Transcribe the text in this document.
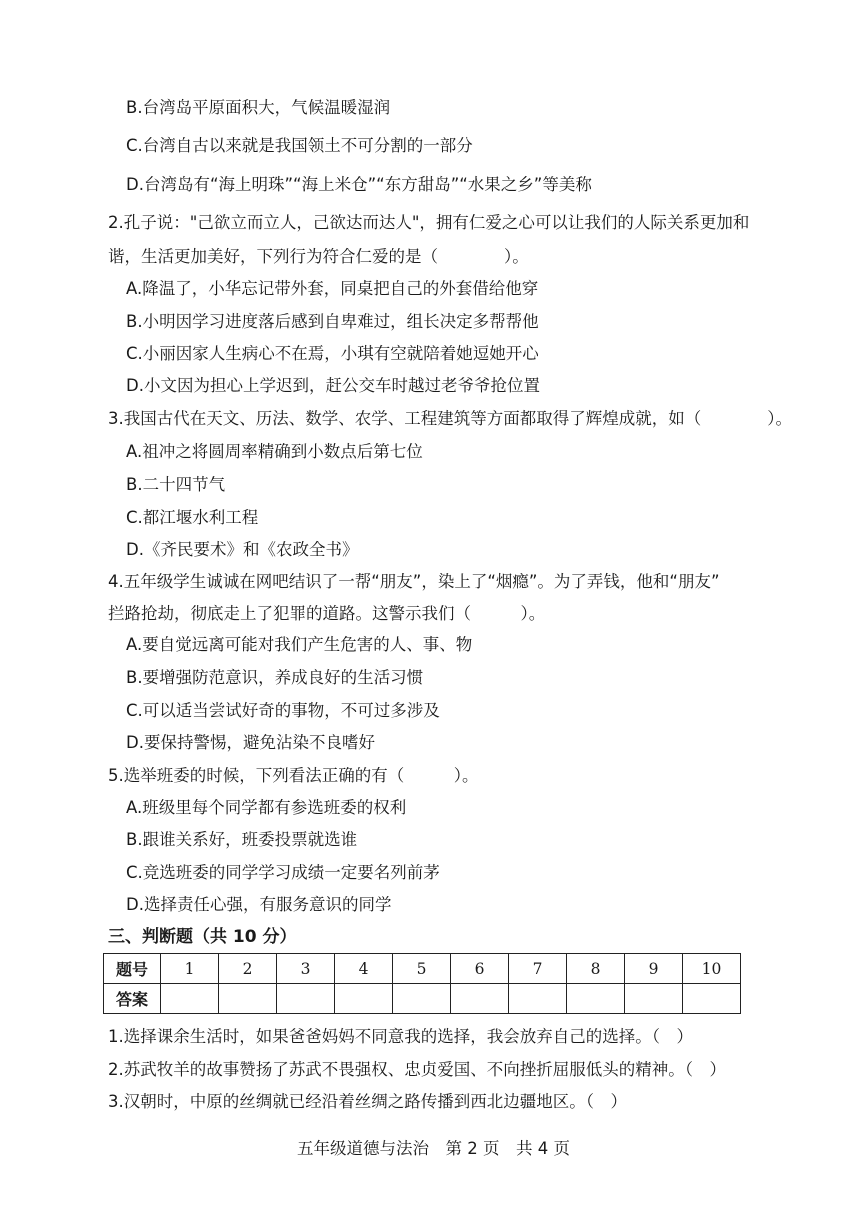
B.台湾岛平原面积大，气候温暖湿润
C.台湾自古以来就是我国领土不可分割的一部分
D.台湾岛有“海上明珠”“海上米仓”“东方甜岛”“水果之乡”等美称
2.孔子说："己欲立而立人，己欲达而达人"，拥有仁爱之心可以让我们的人际关系更加和
谐，生活更加美好，下列行为符合仁爱的是（　　　　）。
A.降温了，小华忘记带外套，同桌把自己的外套借给他穿
B.小明因学习进度落后感到自卑难过，组长决定多帮帮他
C.小丽因家人生病心不在焉，小琪有空就陪着她逗她开心
D.小文因为担心上学迟到，赶公交车时越过老爷爷抢位置
3.我国古代在天文、历法、数学、农学、工程建筑等方面都取得了辉煌成就，如（　　　　）。
A.祖冲之将圆周率精确到小数点后第七位
B.二十四节气
C.都江堰水利工程
D.《齐民要术》和《农政全书》
4.五年级学生诚诚在网吧结识了一帮“朋友”，染上了“烟瘾”。为了弄钱，他和“朋友”
拦路抢劫，彻底走上了犯罪的道路。这警示我们（　　　）。
A.要自觉远离可能对我们产生危害的人、事、物
B.要增强防范意识，养成良好的生活习惯
C.可以适当尝试好奇的事物，不可过多涉及
D.要保持警惕，避免沾染不良嗜好
5.选举班委的时候，下列看法正确的有（　　　）。
A.班级里每个同学都有参选班委的权利
B.跟谁关系好，班委投票就选谁
C.竞选班委的同学学习成绩一定要名列前茅
D.选择责任心强，有服务意识的同学
三、判断题（共 10 分）
题号	1	2	3	4	5	6	7	8	9	10
答案										
1.选择课余生活时，如果爸爸妈妈不同意我的选择，我会放弃自己的选择。（　）
2.苏武牧羊的故事赞扬了苏武不畏强权、忠贞爱国、不向挫折屈服低头的精神。（　）
3.汉朝时，中原的丝绸就已经沿着丝绸之路传播到西北边疆地区。（　）
五年级道德与法治　第 2 页　共 4 页
